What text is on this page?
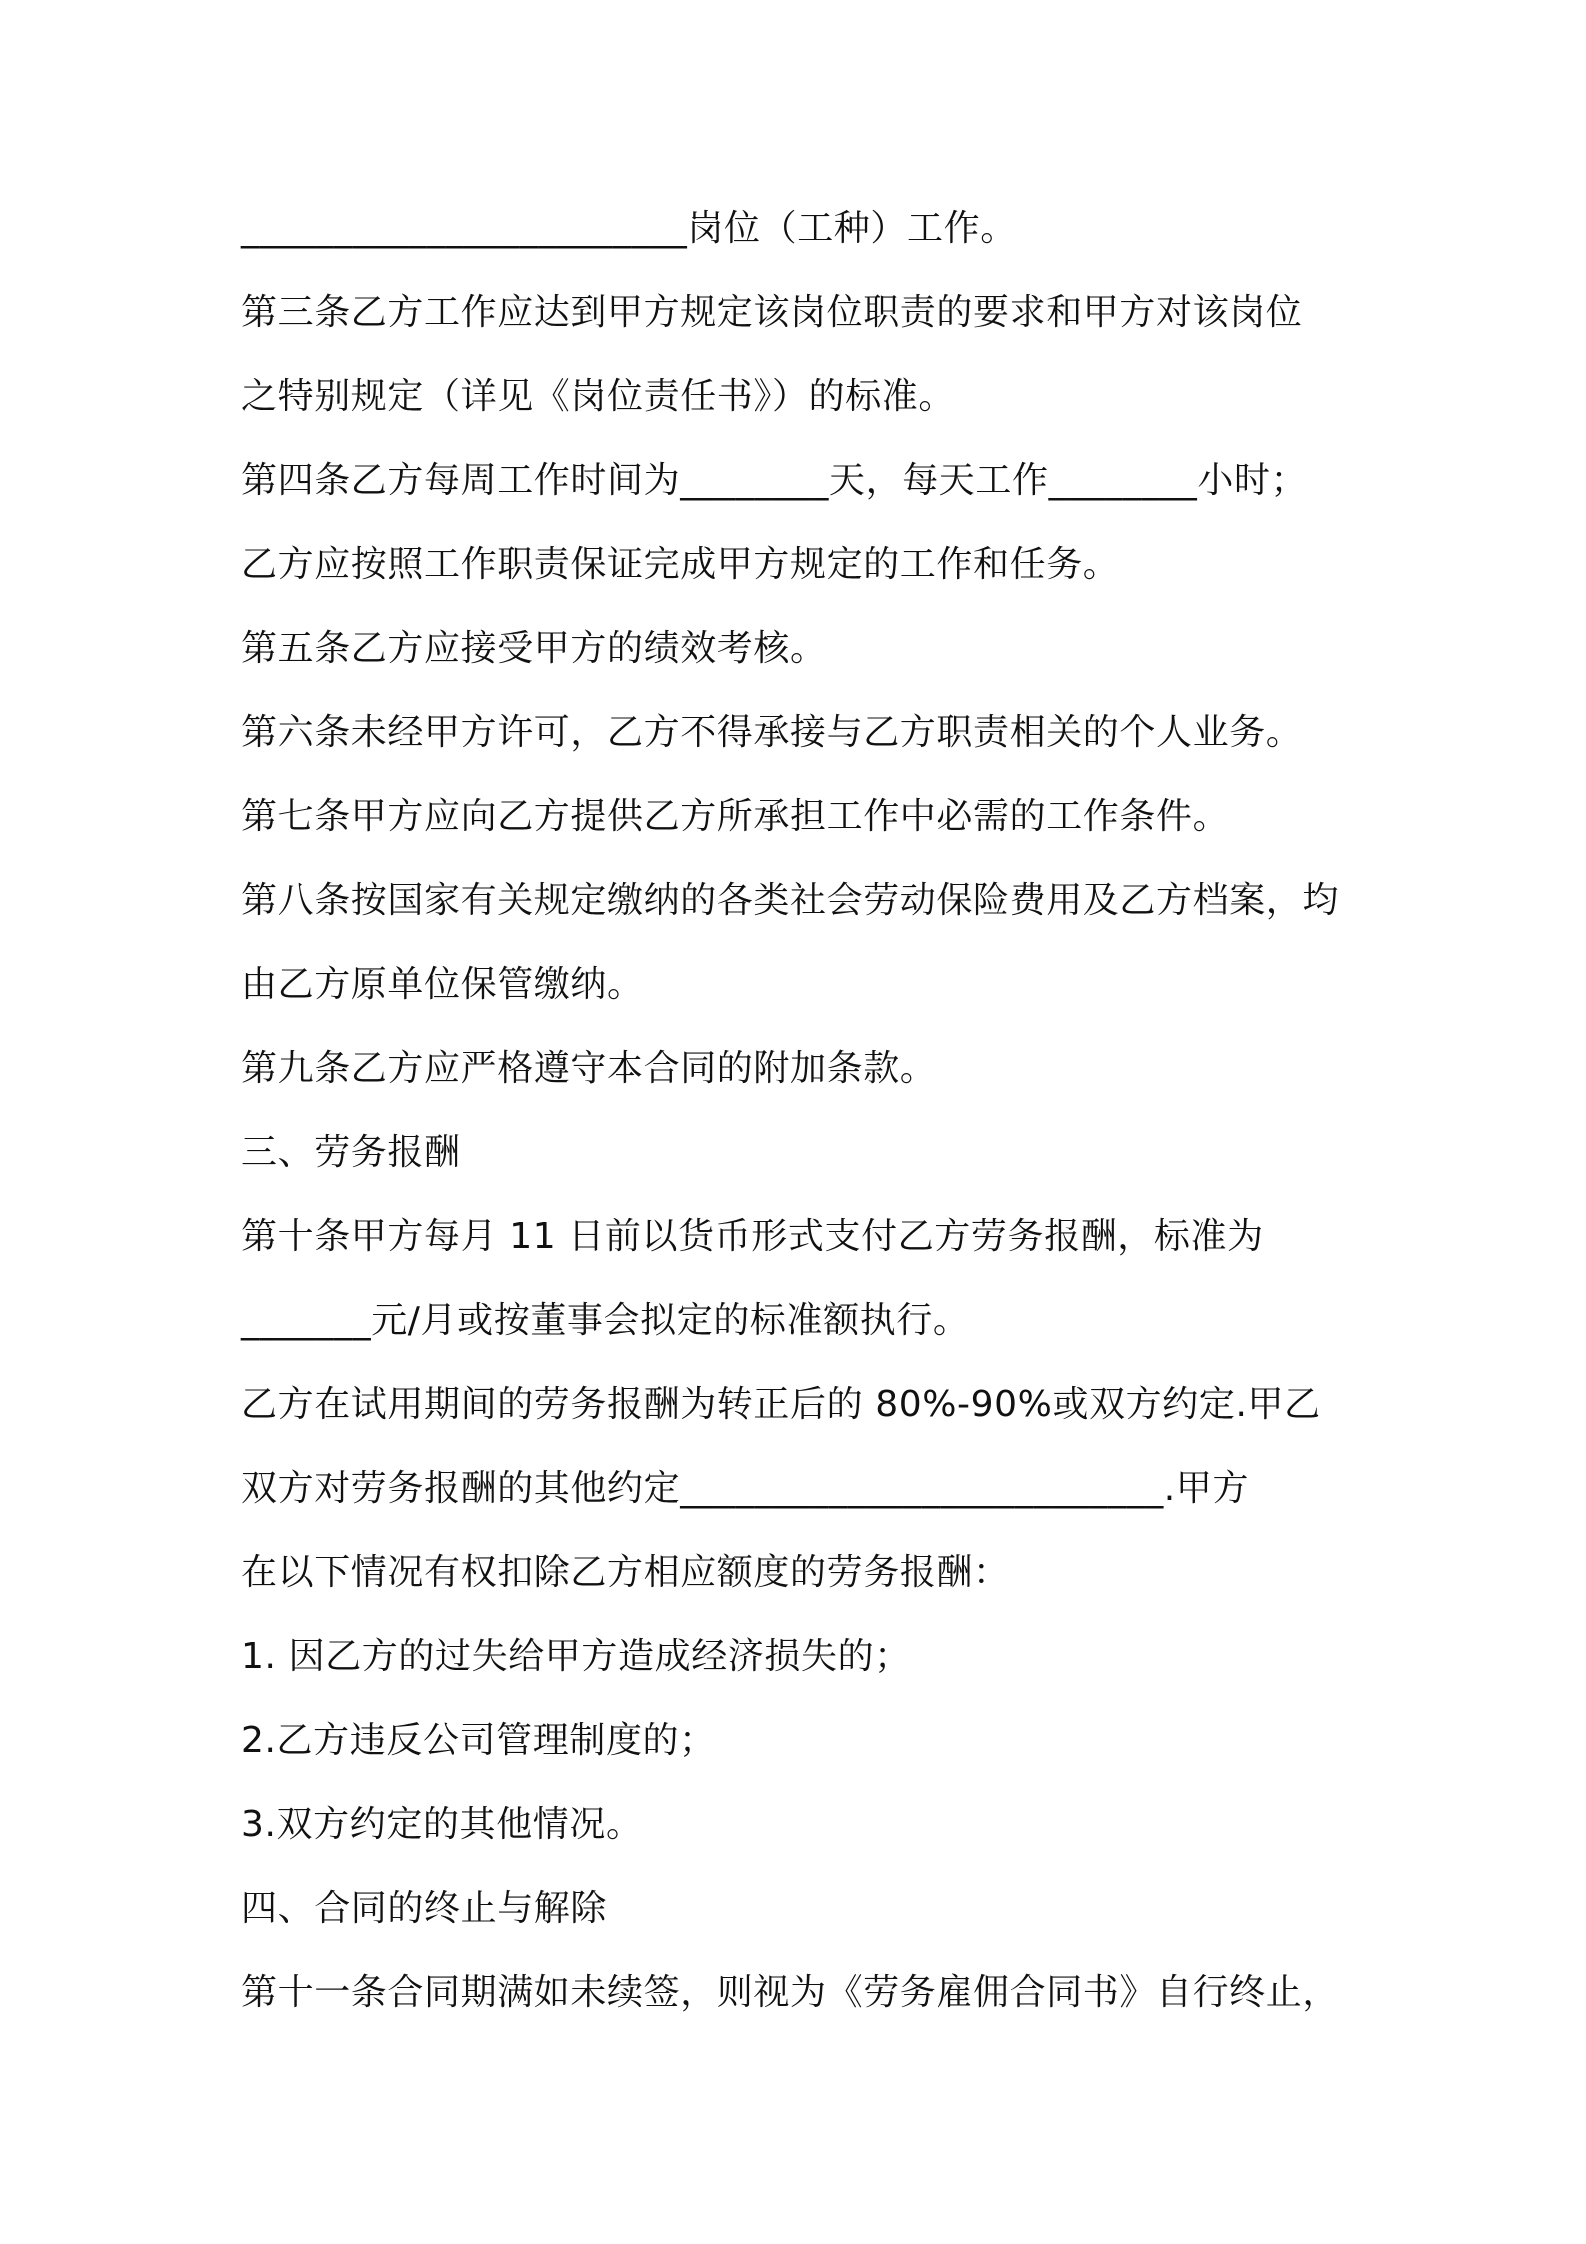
________________________岗位（工种）工作。
第三条乙方工作应达到甲方规定该岗位职责的要求和甲方对该岗位
之特别规定（详见《岗位责任书》）的标准。
第四条乙方每周工作时间为________天，每天工作________小时；
乙方应按照工作职责保证完成甲方规定的工作和任务。
第五条乙方应接受甲方的绩效考核。
第六条未经甲方许可，乙方不得承接与乙方职责相关的个人业务。
第七条甲方应向乙方提供乙方所承担工作中必需的工作条件。
第八条按国家有关规定缴纳的各类社会劳动保险费用及乙方档案，均
由乙方原单位保管缴纳。
第九条乙方应严格遵守本合同的附加条款。
三、劳务报酬
第十条甲方每月 11 日前以货币形式支付乙方劳务报酬，标准为
_______元/月或按董事会拟定的标准额执行。
乙方在试用期间的劳务报酬为转正后的 80%-90%或双方约定.甲乙
双方对劳务报酬的其他约定__________________________.甲方
在以下情况有权扣除乙方相应额度的劳务报酬：
1. 因乙方的过失给甲方造成经济损失的；
2.乙方违反公司管理制度的；
3.双方约定的其他情况。
四、合同的终止与解除
第十一条合同期满如未续签，则视为《劳务雇佣合同书》自行终止，
